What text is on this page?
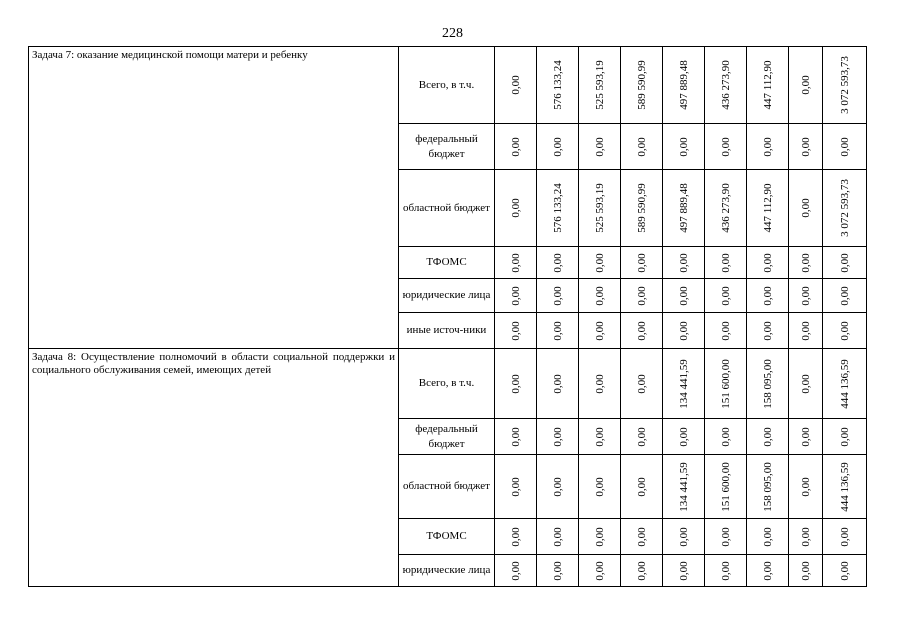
228
Задача 7: оказание медицинской помощи матери и ребенку	Всего, в т.ч.	0,00	576 133,24	525 593,19	589 590,99	497 889,48	436 273,90	447 112,90	0,00	3 072 593,73

	федеральный бюджет	0,00	0,00	0,00	0,00	0,00	0,00	0,00	0,00	0,00

	областной бюджет	0,00	576 133,24	525 593,19	589 590,99	497 889,48	436 273,90	447 112,90	0,00	3 072 593,73

	ТФОМС	0,00	0,00	0,00	0,00	0,00	0,00	0,00	0,00	0,00

	юридические лица	0,00	0,00	0,00	0,00	0,00	0,00	0,00	0,00	0,00

	иные источ-ники	0,00	0,00	0,00	0,00	0,00	0,00	0,00	0,00	0,00

Задача 8: Осуществление полномочий в области социальной поддержки и социального обслуживания семей, имеющих детей	Всего, в т.ч.	0,00	0,00	0,00	0,00	134 441,59	151 600,00	158 095,00	0,00	444 136,59

	федеральный бюджет	0,00	0,00	0,00	0,00	0,00	0,00	0,00	0,00	0,00

	областной бюджет	0,00	0,00	0,00	0,00	134 441,59	151 600,00	158 095,00	0,00	444 136,59

	ТФОМС	0,00	0,00	0,00	0,00	0,00	0,00	0,00	0,00	0,00

	юридические лица	0,00	0,00	0,00	0,00	0,00	0,00	0,00	0,00	0,00
